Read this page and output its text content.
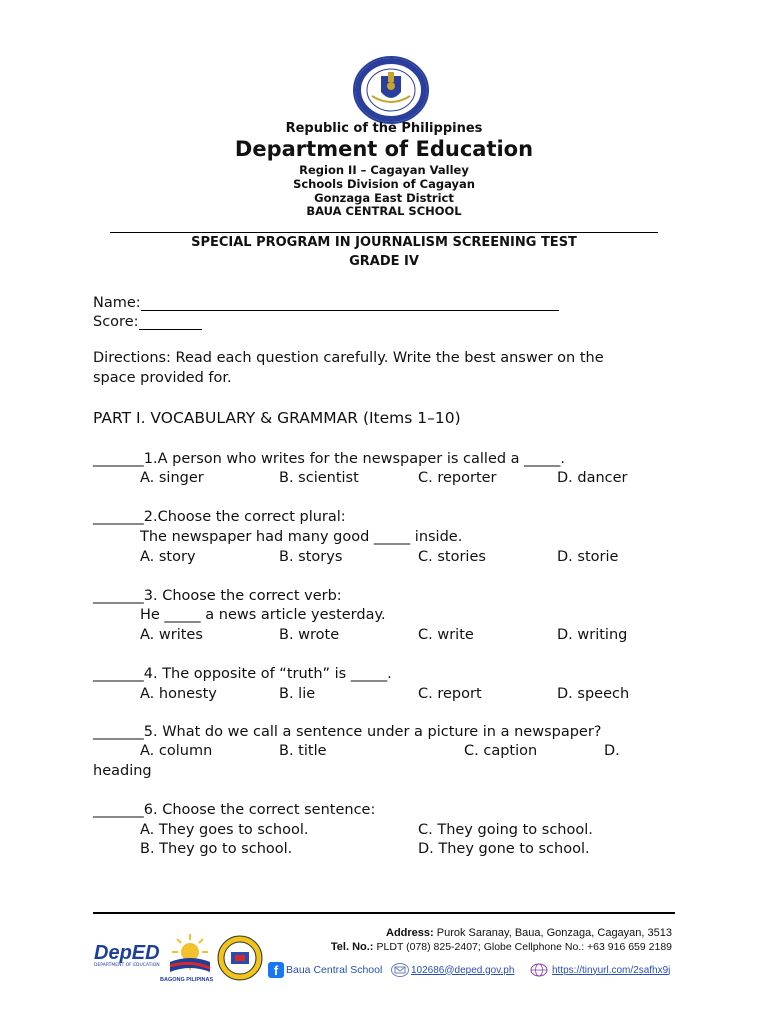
Republic of the Philippines
Department of Education
Region II – Cagayan Valley
Schools Division of Cagayan
Gonzaga East District
BAUA CENTRAL SCHOOL
SPECIAL PROGRAM IN JOURNALISM SCREENING TEST
GRADE IV
Name:
Score:
Directions: Read each question carefully. Write the best answer on the
space provided for.
PART I. VOCABULARY & GRAMMAR (Items 1–10)
_______1.A person who writes for the newspaper is called a _____.
A. singer	B. scientist	C. reporter	D. dancer
_______2.Choose the correct plural:
The newspaper had many good _____ inside.
A. story	B. storys	C. stories	D. storie
_______3. Choose the correct verb:
He _____ a news article yesterday.
A. writes	B. wrote	C. write	D. writing
_______4. The opposite of “truth” is _____.
A. honesty	B. lie	C. report	D. speech
_______5. What do we call a sentence under a picture in a newspaper?
A. column	B. title	C. caption	D.
heading
_______6. Choose the correct sentence:
A. They goes to school.	C. They going to school.
B. They go to school.	D. They gone to school.
DepED
DEPARTMENT OF EDUCATION
BAGONG PILIPINAS
Address: Purok Saranay, Baua, Gonzaga, Cagayan, 3513
Tel. No.: PLDT (078) 825-2407; Globe Cellphone No.: +63 916 659 2189
f Baua Central School	102686@deped.gov.ph	https://tinyurl.com/2safhx9j
